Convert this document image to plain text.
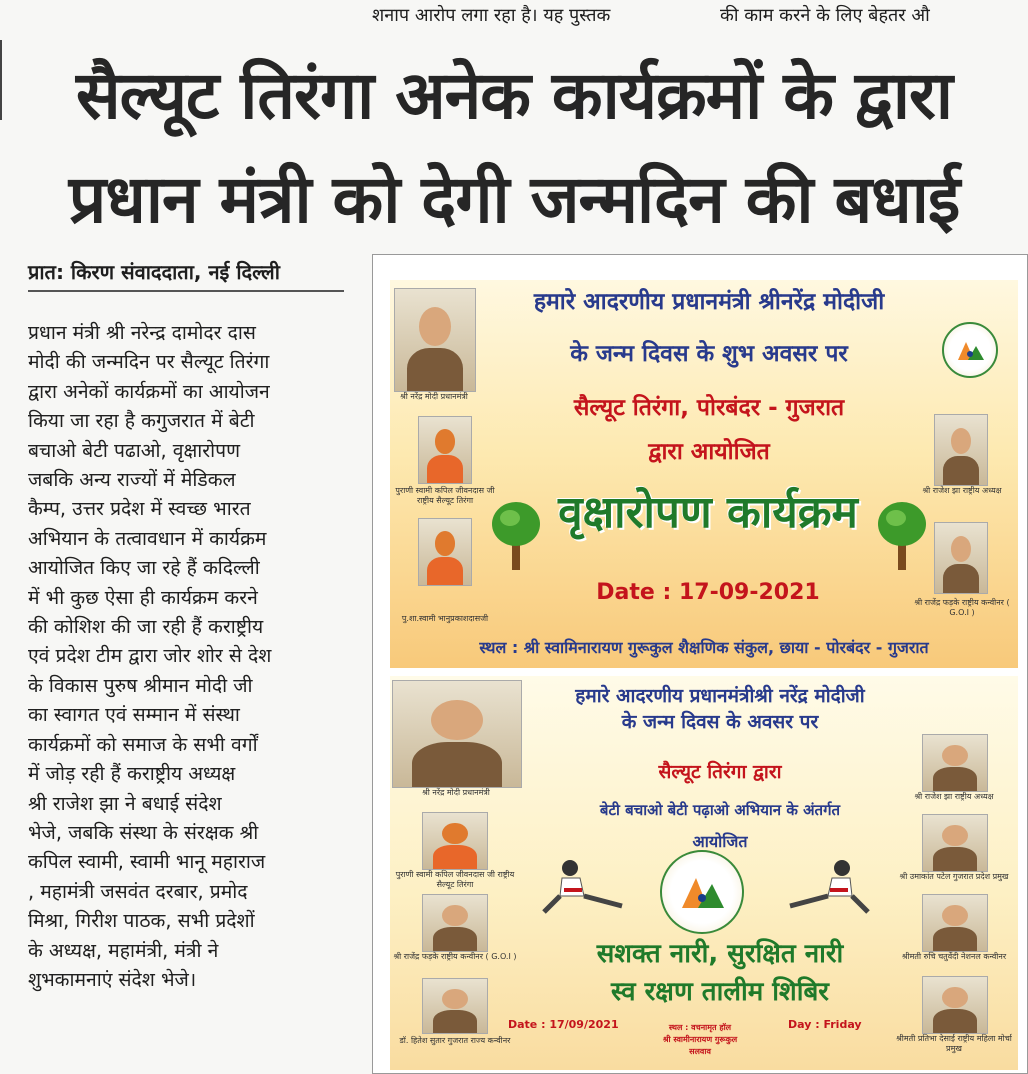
शनाप आरोप लगा रहा है। यह पुस्तक	की काम करने के लिए बेहतर औ
सैल्यूट तिरंगा अनेक कार्यक्रमों के द्वारा
प्रधान मंत्री को देगी जन्मदिन की बधाई
प्रात: किरण संवाददाता, नई दिल्ली
प्रधान मंत्री श्री नरेन्द्र दामोदर दास
मोदी की जन्मदिन पर सैल्यूट तिरंगा
द्वारा अनेकों कार्यक्रमों का आयोजन
किया जा रहा है कगुजरात में बेटी
बचाओ बेटी पढाओ, वृक्षारोपण
जबकि अन्य राज्यों में मेडिकल
कैम्प, उत्तर प्रदेश में स्वच्छ भारत
अभियान के तत्वावधान में कार्यक्रम
आयोजित किए जा रहे हैं कदिल्ली
में भी कुछ ऐसा ही कार्यक्रम करने
की कोशिश की जा रही हैं कराष्ट्रीय
एवं प्रदेश टीम द्वारा जोर शोर से देश
के विकास पुरुष श्रीमान मोदी जी
का स्वागत एवं सम्मान में संस्था
कार्यक्रमों को समाज के सभी वर्गों
में जोड़ रही हैं कराष्ट्रीय अध्यक्ष
श्री राजेश झा ने बधाई संदेश
भेजे, जबकि संस्था के संरक्षक श्री
कपिल स्वामी, स्वामी भानू महाराज
, महामंत्री जसवंत दरबार, प्रमोद
मिश्रा, गिरीश पाठक, सभी प्रदेशों
के अध्यक्ष, महामंत्री, मंत्री ने
शुभकामनाएं संदेश भेजे।
श्री नरेंद्र मोदी प्रधानमंत्री
पुराणी स्वामी कपिल जीवनदास जी राष्ट्रीय सैल्यूट तिरंगा
पु.शा.स्वामी भानुप्रकाशदासजी
श्री राजेश झा राष्ट्रीय अध्यक्ष
श्री राजेंद्र फड़के राष्ट्रीय कन्वीनर ( G.O.I )
हमारे आदरणीय प्रधानमंत्री श्रीनरेंद्र मोदीजी
के जन्म दिवस के शुभ अवसर पर
सैल्यूट तिरंगा, पोरबंदर - गुजरात
द्वारा आयोजित
वृक्षारोपण कार्यक्रम
Date : 17-09-2021
स्थल : श्री स्वामिनारायण गुरूकुल शैक्षणिक संकुल, छाया - पोरबंदर - गुजरात
श्री नरेंद्र मोदी प्रधानमंत्री
पुराणी स्वामी कपिल जीवनदास जी राष्ट्रीय सैल्यूट तिरंगा
श्री राजेंद्र फड़के राष्ट्रीय कन्वीनर ( G.O.I )
डॉ. हितेश सुतार गुजरात राज्य कन्वीनर
श्री राजेश झा राष्ट्रीय अध्यक्ष
श्री उमाकांत पटेल गुजरात प्रदेश प्रमुख
श्रीमती रुचि चतुर्वेदी नेशनल कन्वीनर
श्रीमती प्रतिभा देसाई राष्ट्रीय महिला मोर्चा प्रमुख
हमारे आदरणीय प्रधानमंत्रीश्री नरेंद्र मोदीजी
के जन्म दिवस के अवसर पर
सैल्यूट तिरंगा द्वारा
बेटी बचाओ बेटी पढ़ाओ अभियान के अंतर्गत
आयोजित
सशक्त नारी, सुरक्षित नारी
स्व रक्षण तालीम शिबिर
Date : 17/09/2021	Day : Friday
स्थल : वचनामृत हॉल
श्री स्वामीनारायण गुरूकुल
सलवाव
